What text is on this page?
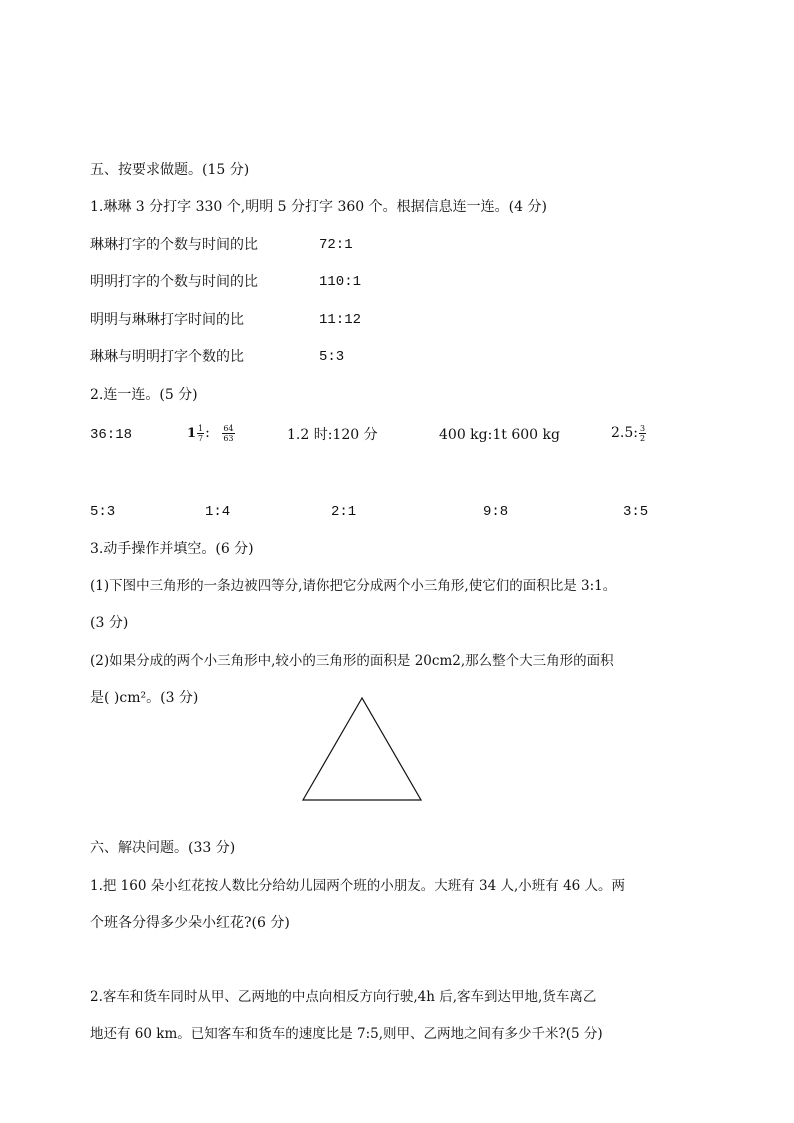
五、按要求做题。(15 分)
1.琳琳 3 分打字 330 个,明明 5 分打字 360 个。根据信息连一连。(4 分)
琳琳打字的个数与时间的比	72:1
明明打字的个数与时间的比	110:1
明明与琳琳打字时间的比	11:12
琳琳与明明打字个数的比	5:3
2.连一连。(5 分)
36:18	$1 \frac{1}{7}$ : $\frac{64}{63}$	1.2 时:120 分	400 kg:1t 600 kg	2.5: $\frac{3}{2}$
5:3	1:4	2:1	9:8	3:5
3.动手操作并填空。(6 分)
(1)下图中三角形的一条边被四等分,请你把它分成两个小三角形,使它们的面积比是 3:1。
(3 分)
(2)如果分成的两个小三角形中,较小的三角形的面积是 20cm2,那么整个大三角形的面积
是( )cm²。(3 分)
六、解决问题。(33 分)
1.把 160 朵小红花按人数比分给幼儿园两个班的小朋友。大班有 34 人,小班有 46 人。两
个班各分得多少朵小红花?(6 分)
2.客车和货车同时从甲、乙两地的中点向相反方向行驶,4h 后,客车到达甲地,货车离乙
地还有 60 km。已知客车和货车的速度比是 7:5,则甲、乙两地之间有多少千米?(5 分)
